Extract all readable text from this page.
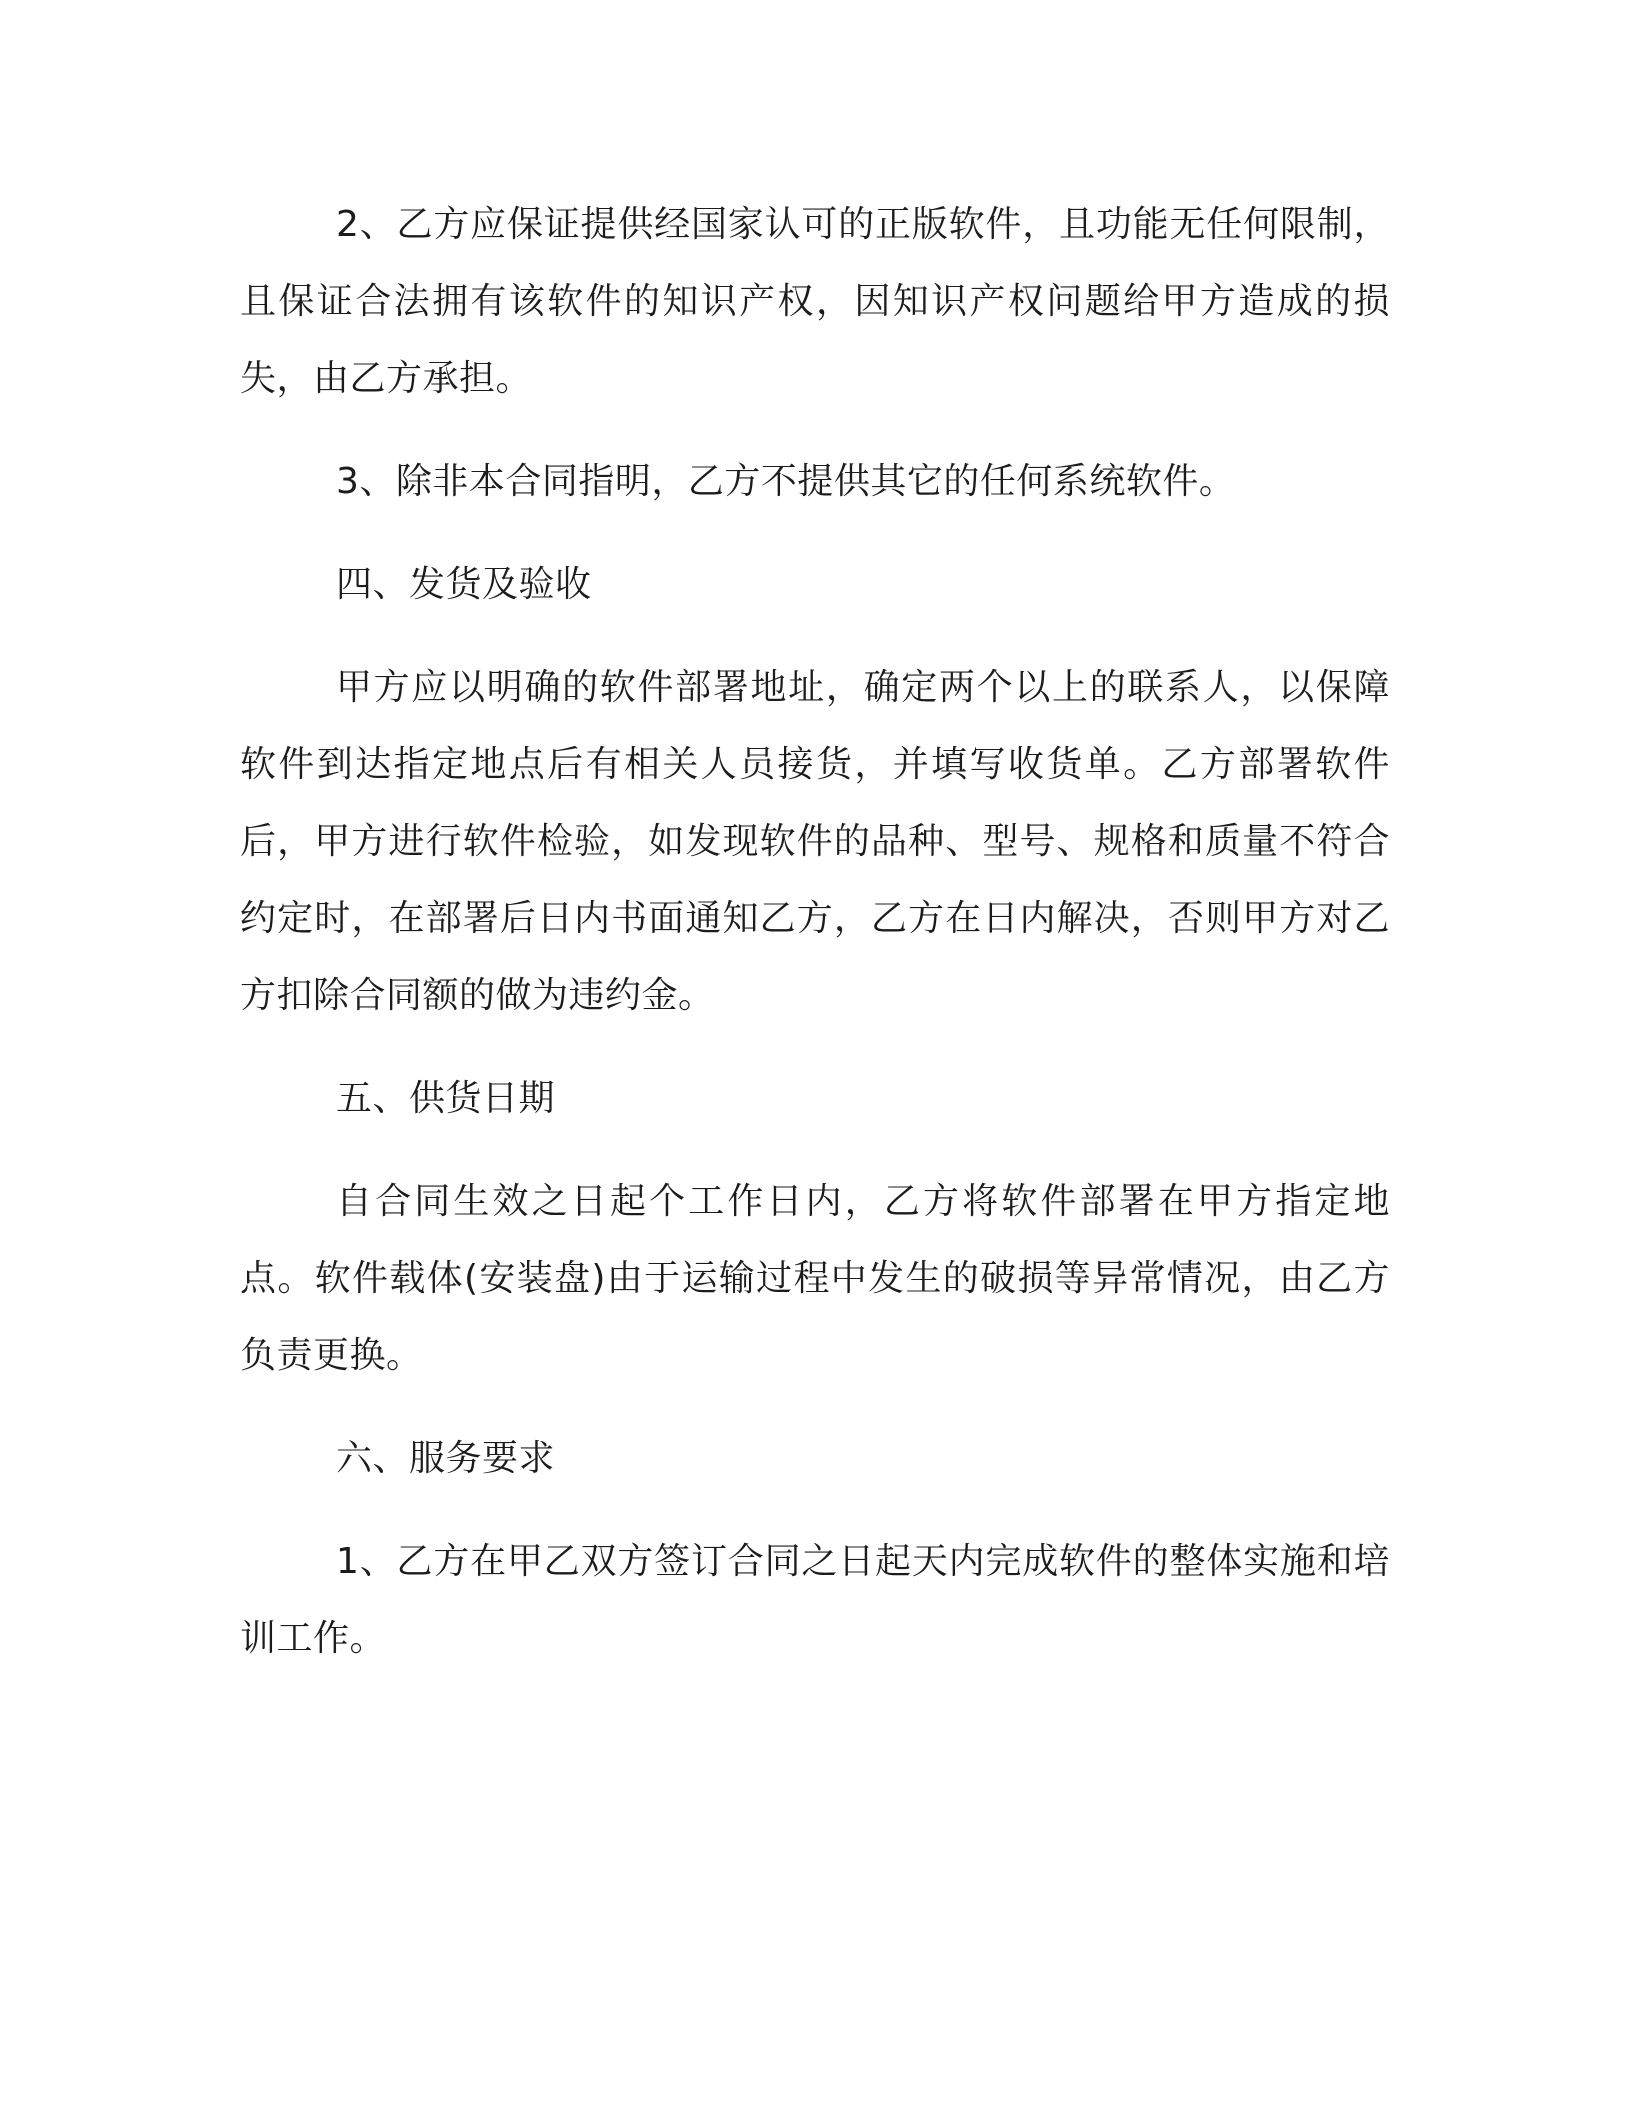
2、乙方应保证提供经国家认可的正版软件，且功能无任何限制，且保证合法拥有该软件的知识产权，因知识产权问题给甲方造成的损失，由乙方承担。

3、除非本合同指明，乙方不提供其它的任何系统软件。

四、发货及验收

甲方应以明确的软件部署地址，确定两个以上的联系人，以保障软件到达指定地点后有相关人员接货，并填写收货单。乙方部署软件后，甲方进行软件检验，如发现软件的品种、型号、规格和质量不符合约定时，在部署后日内书面通知乙方，乙方在日内解决，否则甲方对乙方扣除合同额的做为违约金。

五、供货日期

自合同生效之日起个工作日内，乙方将软件部署在甲方指定地点。软件载体(安装盘)由于运输过程中发生的破损等异常情况，由乙方负责更换。

六、服务要求

1、乙方在甲乙双方签订合同之日起天内完成软件的整体实施和培训工作。
